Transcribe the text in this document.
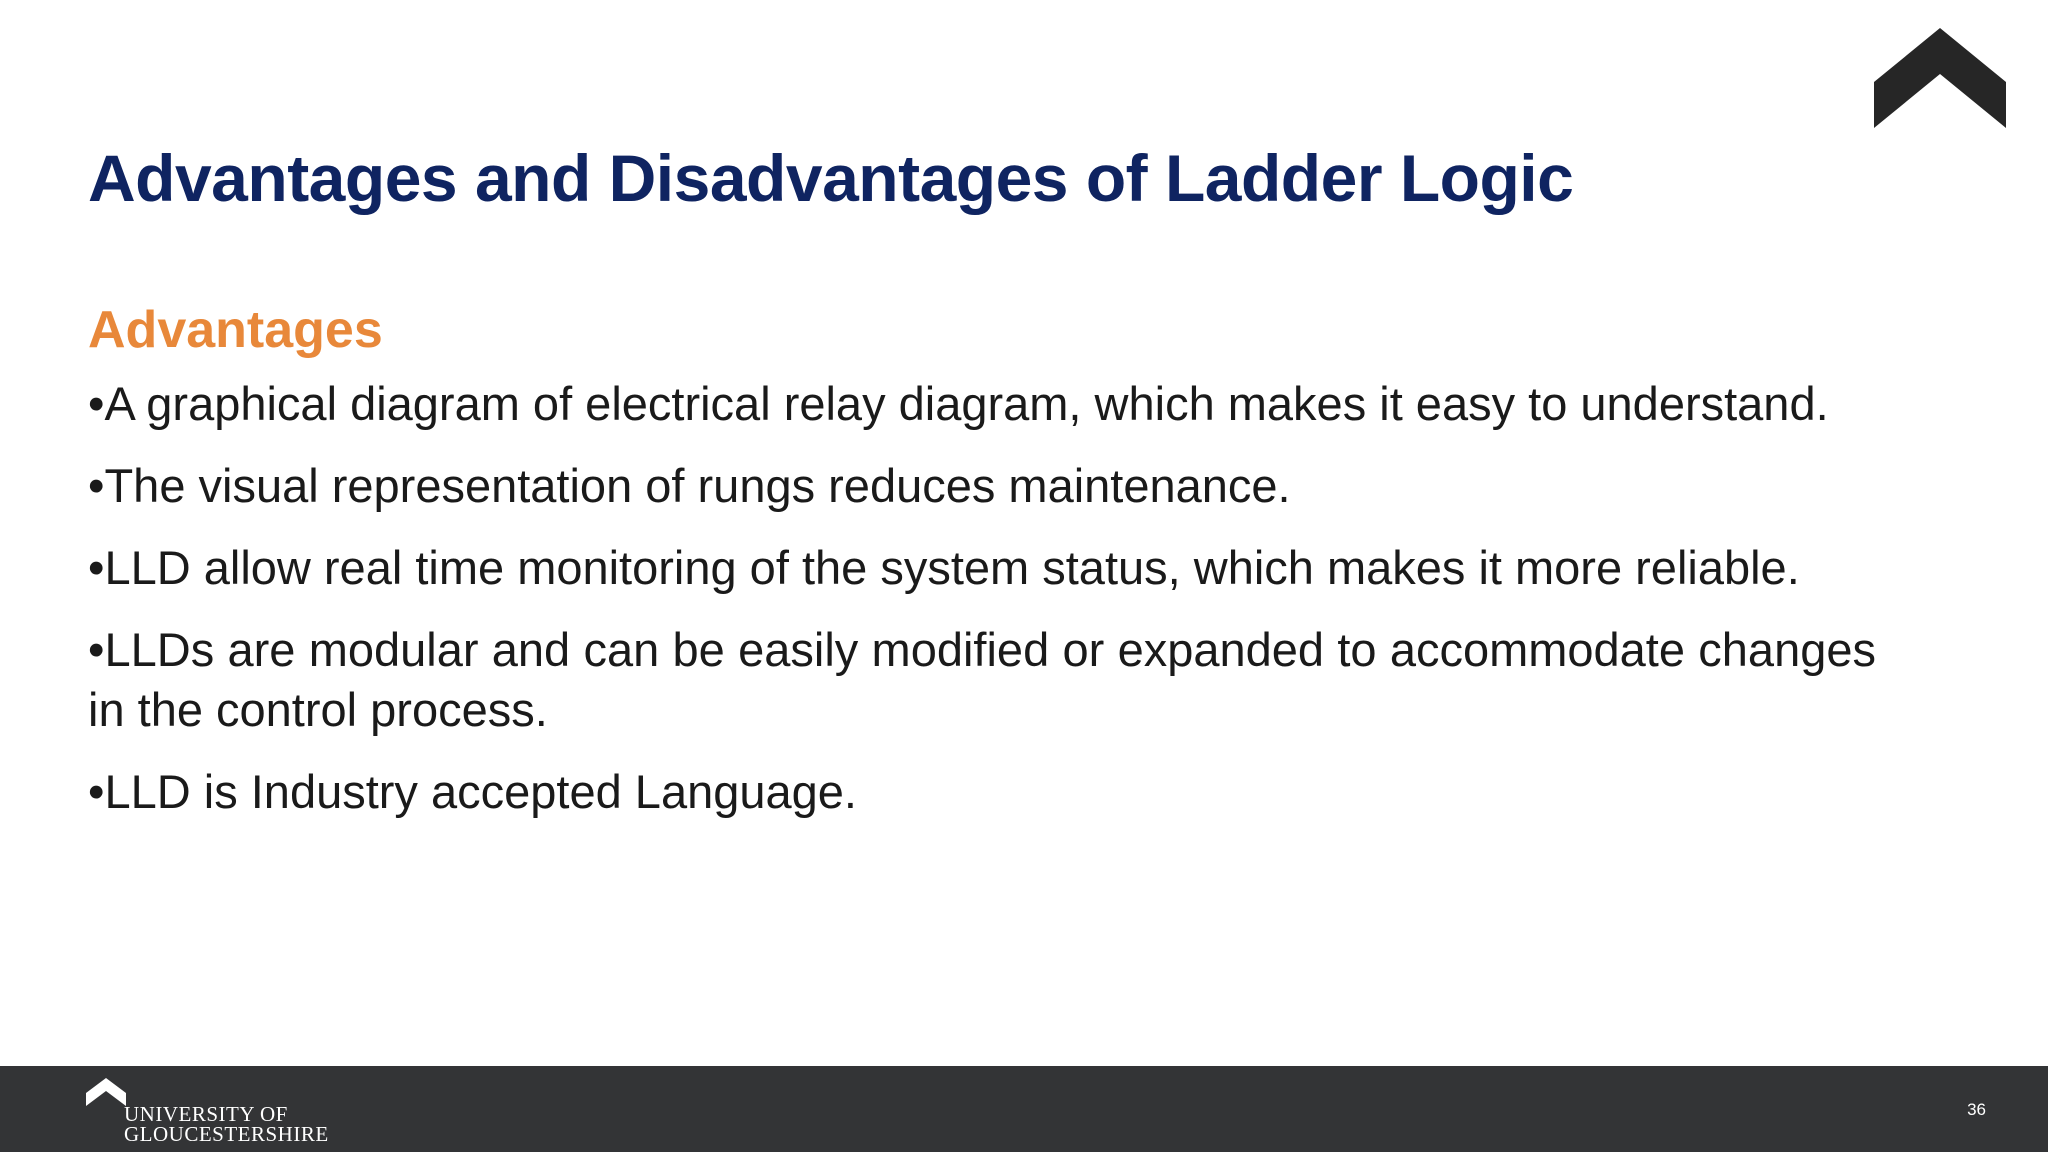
Advantages and Disadvantages of Ladder Logic
Advantages
•A graphical diagram of electrical relay diagram, which makes it easy to understand.
•The visual representation of rungs reduces maintenance.
•LLD allow real time monitoring of the system status, which makes it more reliable.
•LLDs are modular and can be easily modified or expanded to accommodate changes in the control process.
•LLD is Industry accepted Language.
UNIVERSITY OF
GLOUCESTERSHIRE
36
